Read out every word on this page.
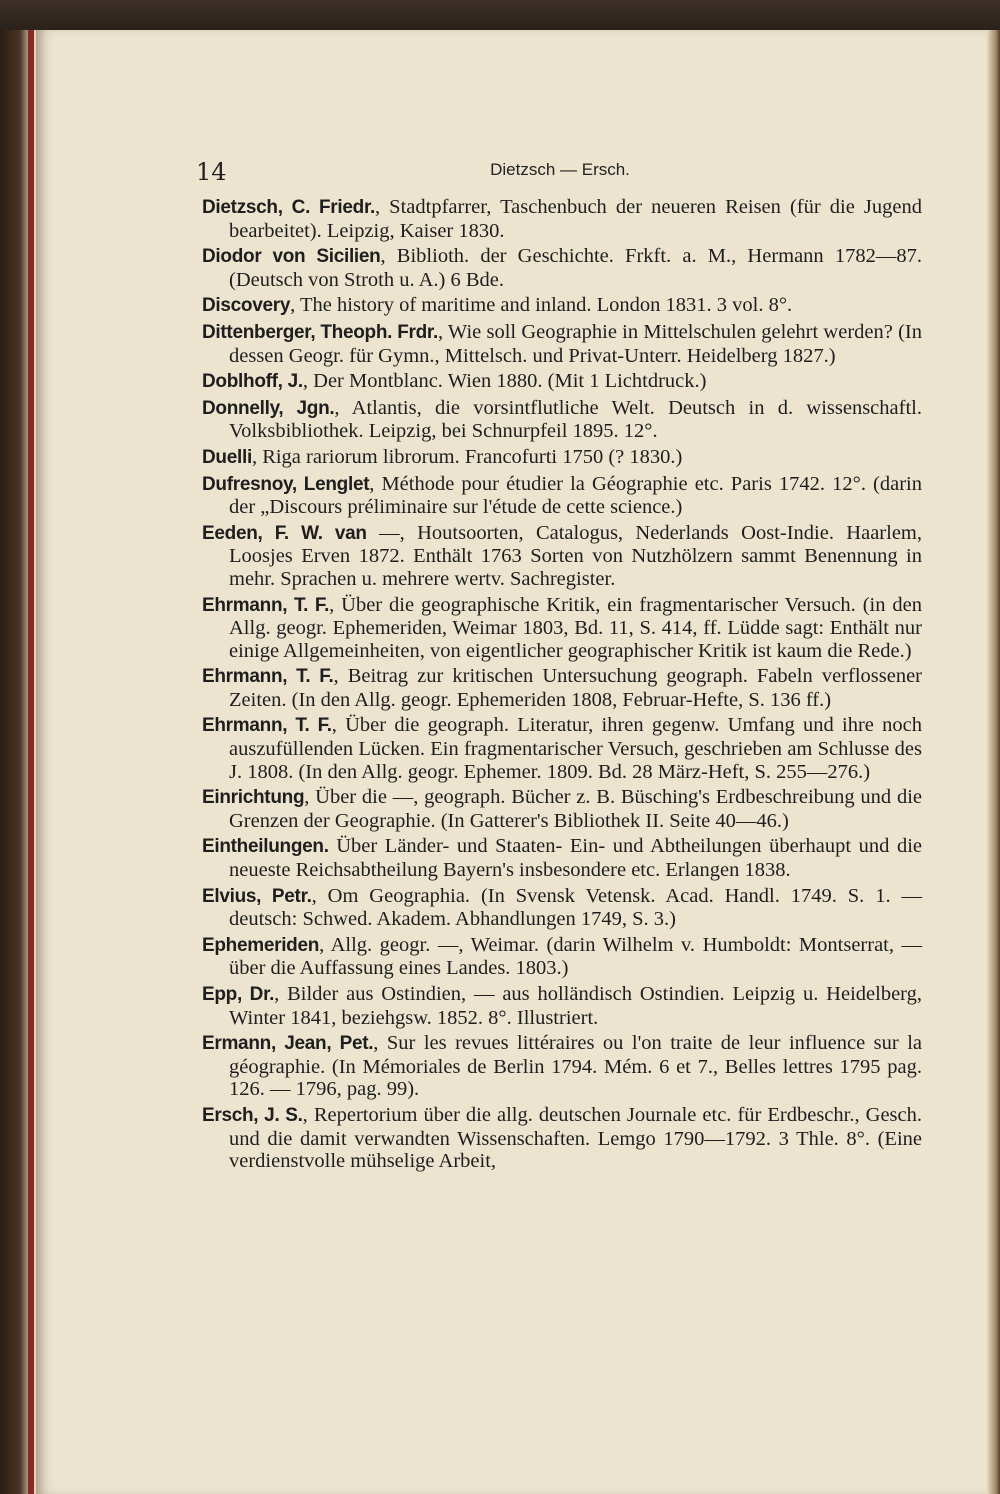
14	Dietzsch — Ersch.

Dietzsch, C. Friedr., Stadtpfarrer, Taschenbuch der neueren Reisen (für die Jugend bearbeitet). Leipzig, Kaiser 1830.

Diodor von Sicilien, Biblioth. der Geschichte. Frkft. a. M., Hermann 1782—87. (Deutsch von Stroth u. A.) 6 Bde.

Discovery, The history of maritime and inland. London 1831. 3 vol. 8°.

Dittenberger, Theoph. Frdr., Wie soll Geographie in Mittelschulen gelehrt werden? (In dessen Geogr. für Gymn., Mittelsch. und Privat-Unterr. Heidelberg 1827.)

Doblhoff, J., Der Montblanc. Wien 1880. (Mit 1 Lichtdruck.)

Donnelly, Jgn., Atlantis, die vorsintflutliche Welt. Deutsch in d. wissenschaftl. Volksbibliothek. Leipzig, bei Schnurpfeil 1895. 12°.

Duelli, Riga rariorum librorum. Francofurti 1750 (? 1830.)

Dufresnoy, Lenglet, Méthode pour étudier la Géographie etc. Paris 1742. 12°. (darin der „Discours préliminaire sur l'étude de cette science.)

Eeden, F. W. van —, Houtsoorten, Catalogus, Nederlands Oost-Indie. Haarlem, Loosjes Erven 1872. Enthält 1763 Sorten von Nutzhölzern sammt Benennung in mehr. Sprachen u. mehrere wertv. Sachregister.

Ehrmann, T. F., Über die geographische Kritik, ein fragmentarischer Versuch. (in den Allg. geogr. Ephemeriden, Weimar 1803, Bd. 11, S. 414, ff. Lüdde sagt: Enthält nur einige Allgemeinheiten, von eigentlicher geographischer Kritik ist kaum die Rede.)

Ehrmann, T. F., Beitrag zur kritischen Untersuchung geograph. Fabeln verflossener Zeiten. (In den Allg. geogr. Ephemeriden 1808, Februar-Hefte, S. 136 ff.)

Ehrmann, T. F., Über die geograph. Literatur, ihren gegenw. Umfang und ihre noch auszufüllenden Lücken. Ein fragmentarischer Versuch, geschrieben am Schlusse des J. 1808. (In den Allg. geogr. Ephemer. 1809. Bd. 28 März-Heft, S. 255—276.)

Einrichtung, Über die —, geograph. Bücher z. B. Büsching's Erdbeschreibung und die Grenzen der Geographie. (In Gatterer's Bibliothek II. Seite 40—46.)

Eintheilungen. Über Länder- und Staaten- Ein- und Abtheilungen überhaupt und die neueste Reichsabtheilung Bayern's insbesondere etc. Erlangen 1838.

Elvius, Petr., Om Geographia. (In Svensk Vetensk. Acad. Handl. 1749. S. 1. — deutsch: Schwed. Akadem. Abhandlungen 1749, S. 3.)

Ephemeriden, Allg. geogr. —, Weimar. (darin Wilhelm v. Humboldt: Montserrat, — über die Auffassung eines Landes. 1803.)

Epp, Dr., Bilder aus Ostindien, — aus holländisch Ostindien. Leipzig u. Heidelberg, Winter 1841, beziehgsw. 1852. 8°. Illustriert.

Ermann, Jean, Pet., Sur les revues littéraires ou l'on traite de leur influence sur la géographie. (In Mémoriales de Berlin 1794. Mém. 6 et 7., Belles lettres 1795 pag. 126. — 1796, pag. 99).

Ersch, J. S., Repertorium über die allg. deutschen Journale etc. für Erdbeschr., Gesch. und die damit verwandten Wissenschaften. Lemgo 1790—1792. 3 Thle. 8°. (Eine verdienstvolle mühselige Arbeit,
